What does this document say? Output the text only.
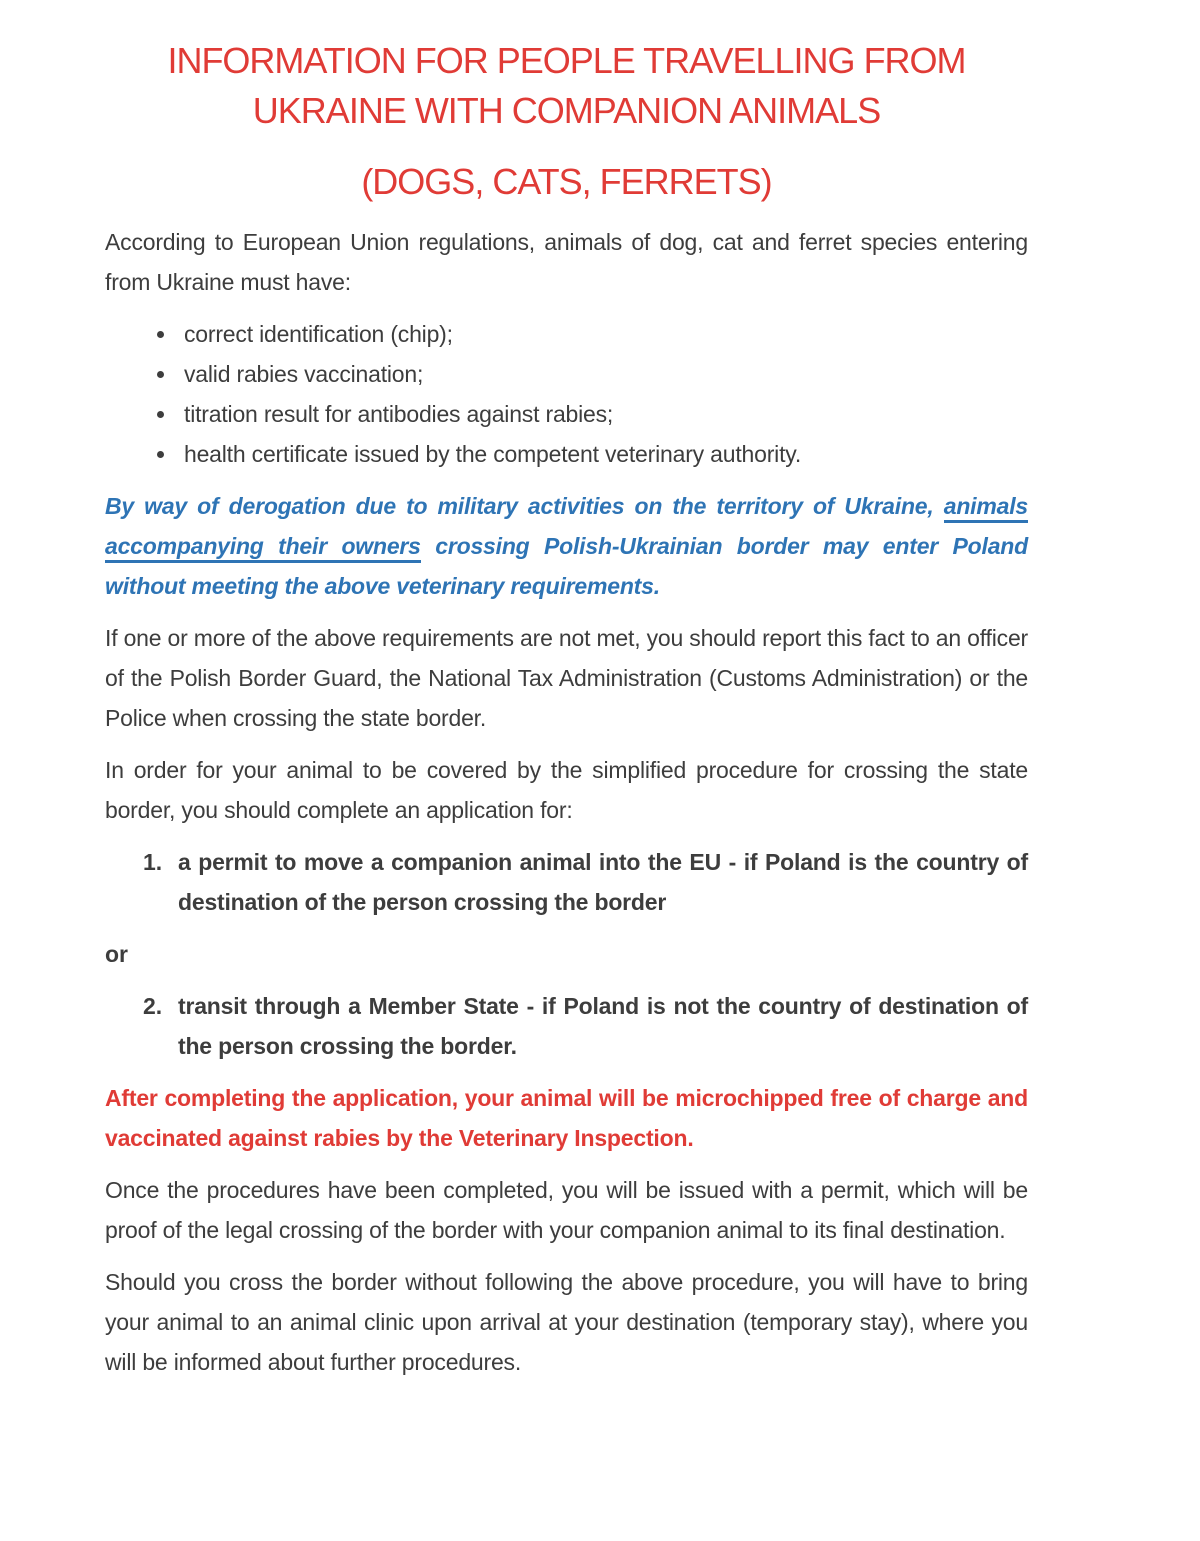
INFORMATION FOR PEOPLE TRAVELLING FROM UKRAINE WITH COMPANION ANIMALS
(DOGS, CATS, FERRETS)

According to European Union regulations, animals of dog, cat and ferret species entering from Ukraine must have:

• correct identification (chip);
• valid rabies vaccination;
• titration result for antibodies against rabies;
• health certificate issued by the competent veterinary authority.

By way of derogation due to military activities on the territory of Ukraine, animals accompanying their owners crossing Polish-Ukrainian border may enter Poland without meeting the above veterinary requirements.

If one or more of the above requirements are not met, you should report this fact to an officer of the Polish Border Guard, the National Tax Administration (Customs Administration) or the Police when crossing the state border.

In order for your animal to be covered by the simplified procedure for crossing the state border, you should complete an application for:

1. a permit to move a companion animal into the EU - if Poland is the country of destination of the person crossing the border
or
2. transit through a Member State - if Poland is not the country of destination of the person crossing the border.

After completing the application, your animal will be microchipped free of charge and vaccinated against rabies by the Veterinary Inspection.

Once the procedures have been completed, you will be issued with a permit, which will be proof of the legal crossing of the border with your companion animal to its final destination.

Should you cross the border without following the above procedure, you will have to bring your animal to an animal clinic upon arrival at your destination (temporary stay), where you will be informed about further procedures.
